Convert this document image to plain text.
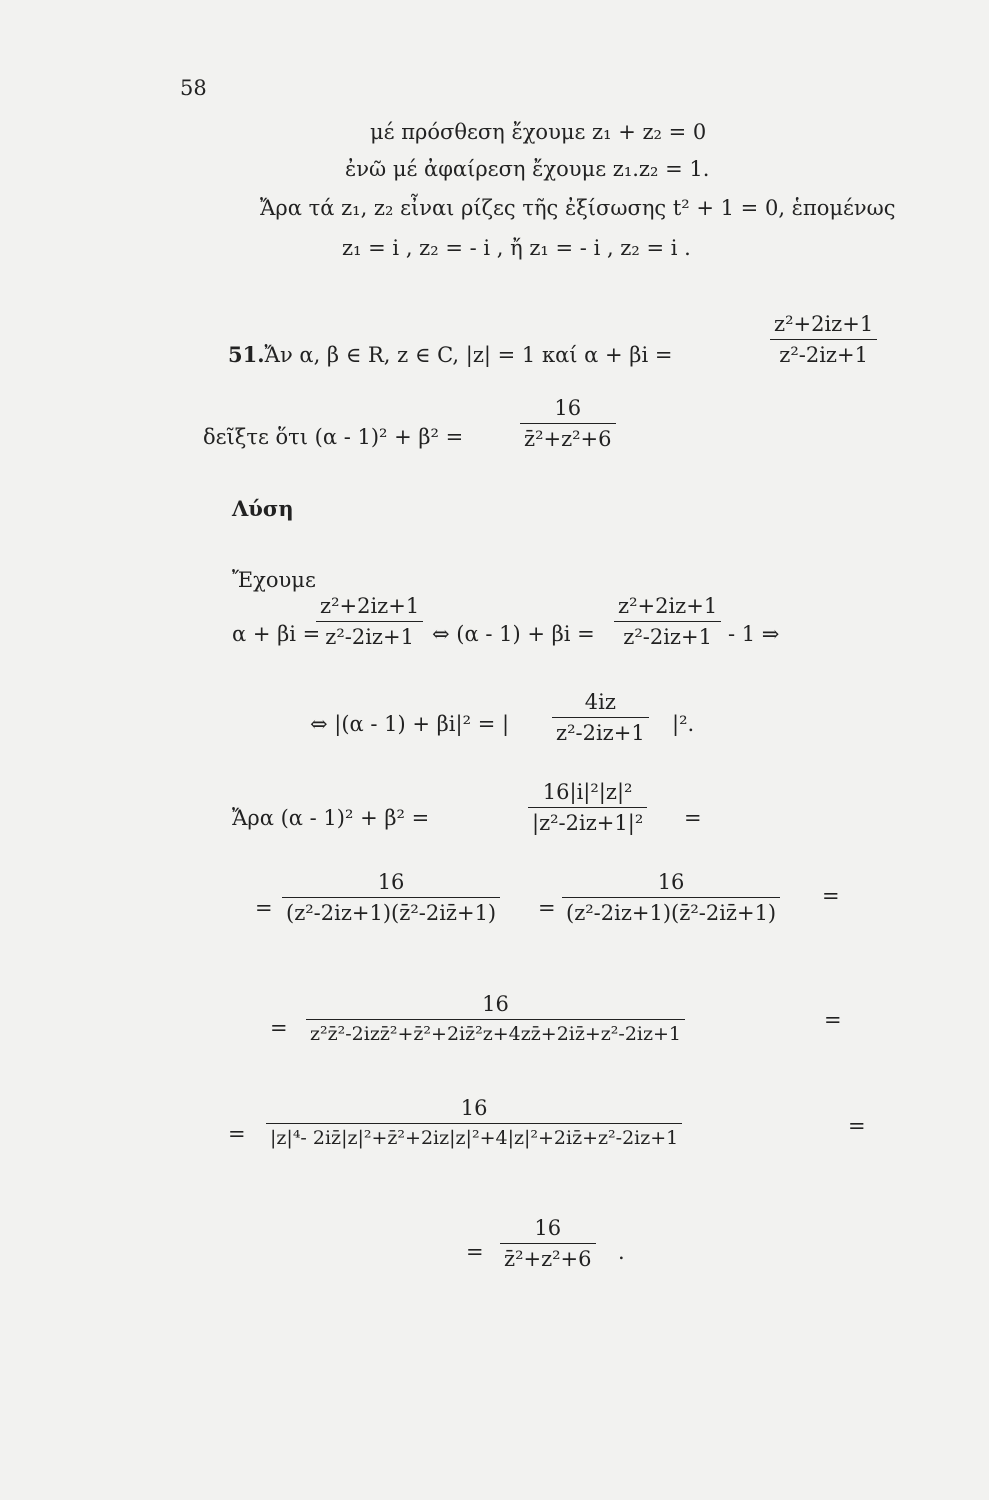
58
μέ πρόσθεση ἔχουμε z₁ + z₂ = 0
ἐνῶ μέ ἀφαίρεση ἔχουμε z₁.z₂ = 1.
Ἄρα τά z₁, z₂ εἶναι ρίζες τῆς ἐξίσωσης t² + 1 = 0, ἑπομένως
z₁ = i , z₂ = - i , ἤ z₁ = - i , z₂ = i .
51.Ἄν α, β ∈ R, z ∈ C, |z| = 1 καί α + βi =	$\frac{\text{z²+2iz+1}}{\text{z²-2iz+1}}$
δεῖξτε ὅτι (α - 1)² + β² =	$\frac{16}{\text{z̄²+z²+6}}$
Λύση
Ἔχουμε
α + βi =
$\frac{\text{z²+2iz+1}}{\text{z²-2iz+1}}$ ⇔ $(\alpha - 1) + \beta i = \frac{\text{z²+2iz+1}}{\text{z²-2iz+1}} - 1$ ⇒
⇔ |(α - 1) + βi|² = | $\frac{4iz}{\text{z²-2iz+1}} |^2$.
Ἄρα (α - 1)² + β² =	$\frac{\text{16|i|²|z|²}}{\text{|z²-2iz+1|²}}$ =
= $\frac{16}{\text{(z²-2iz+1)(z̄²-2iz̄+1)}} = \frac{16}{\text{(z²-2iz+1)(z̄²-2iz̄+1)}}$ =
=
16
z²z̄²-2izz̄²+z̄²+2iz̄²z+4zz̄+2iz̄+z²-2iz+1
=
= $\frac{16}{\text{|z|⁴- 2iz̄|z|²+z̄²+2iz|z|²+4|z|²+2iz̄+z²-2iz+1}}$	=
= $\frac{16}{\text{z̄²+z²+6}}$ .
